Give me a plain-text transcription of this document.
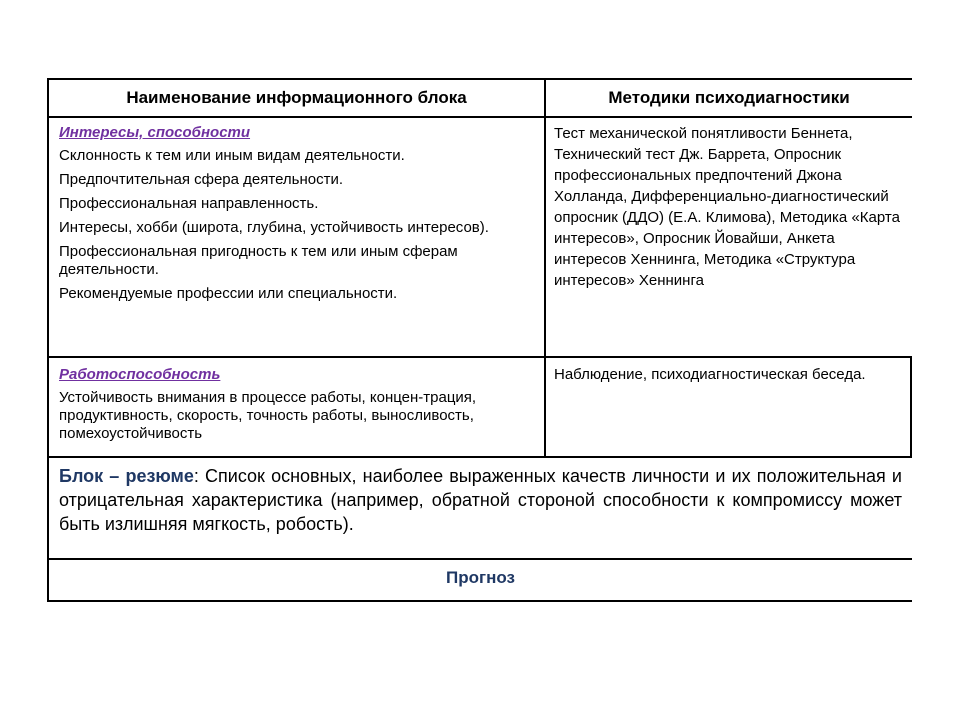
Наименование информационного блока	Методики психодиагностики
Интересы, способности
Склонность к тем или иным видам деятельности.
Предпочтительная сфера деятельности.
Профессиональная направленность.
Интересы, хобби (широта, глубина, устойчивость интересов).
Профессиональная пригодность к тем или иным сферам деятельности.
Рекомендуемые профессии или специальности.
Тест механической понятливости Беннета, Технический тест Дж. Баррета, Опросник профессиональных предпочтений Джона Холланда, Дифференциально-диагностический опросник (ДДО) (Е.А. Климова), Методика «Карта интересов», Опросник Йовайши, Анкета интересов Хеннинга, Методика «Структура интересов» Хеннинга
Работоспособность
Устойчивость внимания в процессе работы, концен-трация, продуктивность, скорость, точность работы, выносливость, помехоустойчивость
Наблюдение, психодиагностическая беседа.
Блок – резюме: Список основных, наиболее выраженных качеств личности и их положительная и отрицательная характеристика (например, обратной стороной способности к компромиссу может быть излишняя мягкость, робость).
Прогноз
